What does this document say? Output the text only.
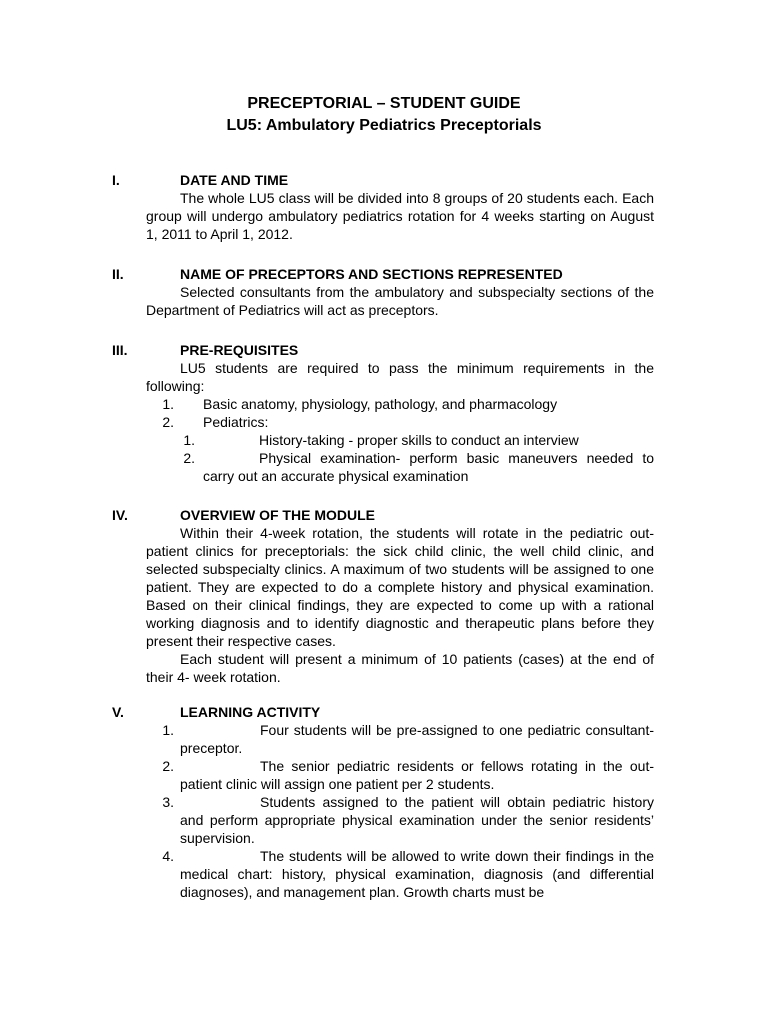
PRECEPTORIAL – STUDENT GUIDE
LU5: Ambulatory Pediatrics Preceptorials
I.	DATE AND TIME
The whole LU5 class will be divided into 8 groups of 20 students each. Each group will undergo ambulatory pediatrics rotation for 4 weeks starting on August 1, 2011 to April 1, 2012.
II.	NAME OF PRECEPTORS AND SECTIONS REPRESENTED
Selected consultants from the ambulatory and subspecialty sections of the Department of Pediatrics will act as preceptors.
III.	PRE-REQUISITES
LU5 students are required to pass the minimum requirements in the following:
1. Basic anatomy, physiology, pathology, and pharmacology
2. Pediatrics:
1.	History-taking - proper skills to conduct an interview
2.	Physical examination- perform basic maneuvers needed to carry out an accurate physical examination
IV.	OVERVIEW OF THE MODULE
Within their 4-week rotation, the students will rotate in the pediatric out-patient clinics for preceptorials: the sick child clinic, the well child clinic, and selected subspecialty clinics. A maximum of two students will be assigned to one patient. They are expected to do a complete history and physical examination. Based on their clinical findings, they are expected to come up with a rational working diagnosis and to identify diagnostic and therapeutic plans before they present their respective cases.
Each student will present a minimum of 10 patients (cases) at the end of their 4- week rotation.
V.	LEARNING ACTIVITY
1.	Four students will be pre-assigned to one pediatric consultant-preceptor.
2.	The senior pediatric residents or fellows rotating in the out-patient clinic will assign one patient per 2 students.
3.	Students assigned to the patient will obtain pediatric history and perform appropriate physical examination under the senior residents’ supervision.
4.	The students will be allowed to write down their findings in the medical chart: history, physical examination, diagnosis (and differential diagnoses), and management plan. Growth charts must be
